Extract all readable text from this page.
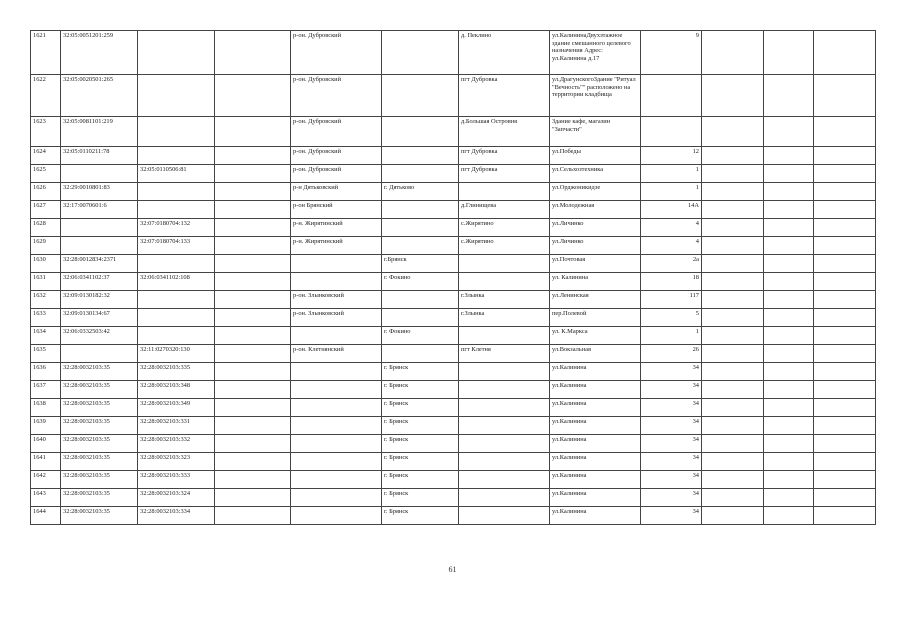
1621	32:05:0051201:259			р-он. Дубровский		д. Пеклино	ул.КалининаДвухэтажное здание смешанного целевого назначения Адрес: ул.Калинина д.17	9			
1622	32:05:0020501:265			р-он. Дубровский		пгт Дубровка	ул.ДрагунскогоЗдание "Ритуал "Вечность"" расположено на территории кладбища				
1623	32:05:0081101:219			р-он. Дубровский		д.Большая Островня	Здание кафе, магазин "Запчасти"				
1624	32:05:0110211:78			р-он. Дубровский		пгт Дубровка	ул.Победы	12			
1625		32:05:0110506:81		р-он. Дубровский		пгт Дубровка	ул.Сельхозтехника	1			
1626	32:29:0010801:83			р-н Дятьковский	г. Дятьково		ул.Орджоникидзе	1			
1627	32:17:0070601:6			р-он Брянский		д.Глинищева	ул.Молодежная	14А			
1628		32:07:0180704:132		р-н. Жирятинский		с.Жирятино	ул.Личинко	4			
1629		32:07:0180704:133		р-н. Жирятинский		с.Жирятино	ул.Личинко	4			
1630	32:28:0012834:2371				г.Брянск		ул.Почтовая	2а			
1631	32:06:0341102:37	32:06:0341102:108			г. Фокино		ул. Калинина	18			
1632	32:09:0130182:32			р-он. Злынковский		г.Злынка	ул.Ленинская	117			
1633	32:09:0130134:67			р-он. Злынковский		г.Злынка	пер.Полевой	5			
1634	32:06:0332503:42				г. Фокино		ул. К.Маркса	1			
1635		32:11:0270320:130		р-он. Клетнянский		пгт Клетня	ул.Вокзальная	26			
1636	32:28:0032103:35	32:28:0032103:335			г. Брянск		ул.Калинина	34			
1637	32:28:0032103:35	32:28:0032103:348			г. Брянск		ул.Калинина	34			
1638	32:28:0032103:35	32:28:0032103:349			г. Брянск		ул.Калинина	34			
1639	32:28:0032103:35	32:28:0032103:331			г. Брянск		ул.Калинина	34			
1640	32:28:0032103:35	32:28:0032103:332			г. Брянск		ул.Калинина	34			
1641	32:28:0032103:35	32:28:0032103:323			г. Брянск		ул.Калинина	34			
1642	32:28:0032103:35	32:28:0032103:333			г. Брянск		ул.Калинина	34			
1643	32:28:0032103:35	32:28:0032103:324			г. Брянск		ул.Калинина	34			
1644	32:28:0032103:35	32:28:0032103:334			г. Брянск		ул.Калинина	34			
61
